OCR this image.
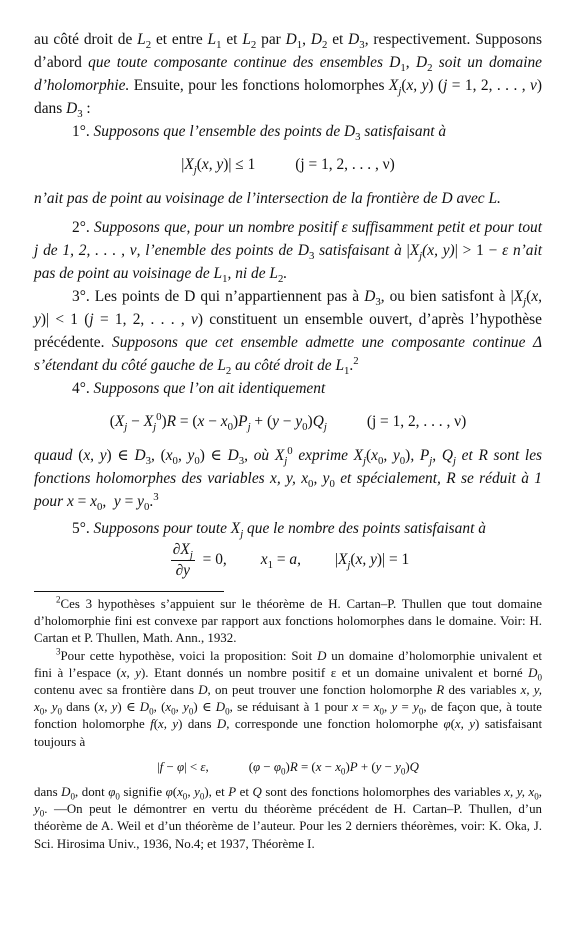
au côté droit de $L_2$ et entre $L_1$ et $L_2$ par $D_1$, $D_2$ et $D_3$, respectivement. Supposons d’abord que toute composante continue des ensembles $D_1$, $D_2$ soit un domaine d’holomorphie. Ensuite, pour les fonctions holomorphes $X_j(x$, y) (j = 1, 2, . . . , ν) dans $D_3$ :

1°. Supposons que l’ensemble des points de $D_3$ satisfaisant à

$|X_j(x$, y)| ≤ 1	(j = 1, 2, . . . , ν)

n’ait pas de point au voisinage de l’intersection de la frontière de D avec L.

2°. Supposons que, pour un nombre positif ε suffisamment petit et pour tout j de 1, 2, . . . , ν, l’enemble des points de $D_3$ satisfaisant à $|X_j(x$, y)| > 1 − ε n’ait pas de point au voisinage de $L_1$, ni de $L_2$.

3°. Les points de D qui n’appartiennent pas à $D_3$, ou bien satisfont à $|X_j(x$, y)| < 1 (j = 1, 2, . . . , ν) constituent un ensemble ouvert, d’après l’hypothèse précédente. Supposons que cet ensemble admette une composante continue Δ s’étendant du côté gauche de $L_2$ au côté droit de $L_1.^2$

4°. Supposons que l’on ait identiquement

$(X_j - X_j^0)R = (x - x_0)P_j + (y - y_0)Q_j$	(j = 1, 2, . . . , ν)

quaud (x, y) ∈ $D_3$, ($x_0$, $y_0$) ∈ $D_3$, où $X_j^0$ exprime $X_j(x_0$, $y_0$), $P_j$, $Q_j$ et R sont les fonctions holomorphes des variables x, y, $x_0$, $y_0$ et spécialement, R se réduit à 1 pour $x = x_0$,  $y = y_0.^3$

5°. Supposons pour toute $X_j$ que le nombre des points satisfaisant à

$\frac{\partial X_j}{\partial y} = 0$, $x_1 = a$, $|X_j(x$, y)| = 1

$^2$Ces 3 hypothèses s’appuient sur le théorème de H. Cartan–P. Thullen que tout domaine d’holomorphie fini est convexe par rapport aux fonctions holomorphes dans le domaine. Voir: H. Cartan et P. Thullen, Math. Ann., 1932.

$^3$Pour cette hypothèse, voici la proposition: Soit D un domaine d’holomorphie univalent et fini à l’espace (x, y). Etant donnés un nombre positif ε et un domaine univalent et borné $D_0$ contenu avec sa frontière dans D, on peut trouver une fonction holomorphe R des variables x, y, $x_0$, $y_0$ dans (x, y) ∈ $D_0$, ($x_0$, $y_0$) ∈ $D_0$, se réduisant à 1 pour $x = x_0$, $y = y_0$, de façon que, à toute fonction holomorphe f(x, y) dans D, corresponde une fonction holomorphe φ(x, y) satisfaisant toujours à

|f − φ| < ε,	$(\varphi - \varphi_0)R = (x - x_0)P + (y - y_0)Q$

dans $D_0$, dont $\varphi_0$ signifie $\varphi(x_0$, $y_0$), et P et Q sont des fonctions holomorphes des variables x, y, $x_0$, $y_0$. —On peut le démontrer en vertu du théorème précédent de H. Cartan–P. Thullen, d’un théorème de A. Weil et d’un théorème de l’auteur. Pour les 2 derniers théorèmes, voir: K. Oka, J. Sci. Hirosima Univ., 1936, No.4; et 1937, Théorème I.
